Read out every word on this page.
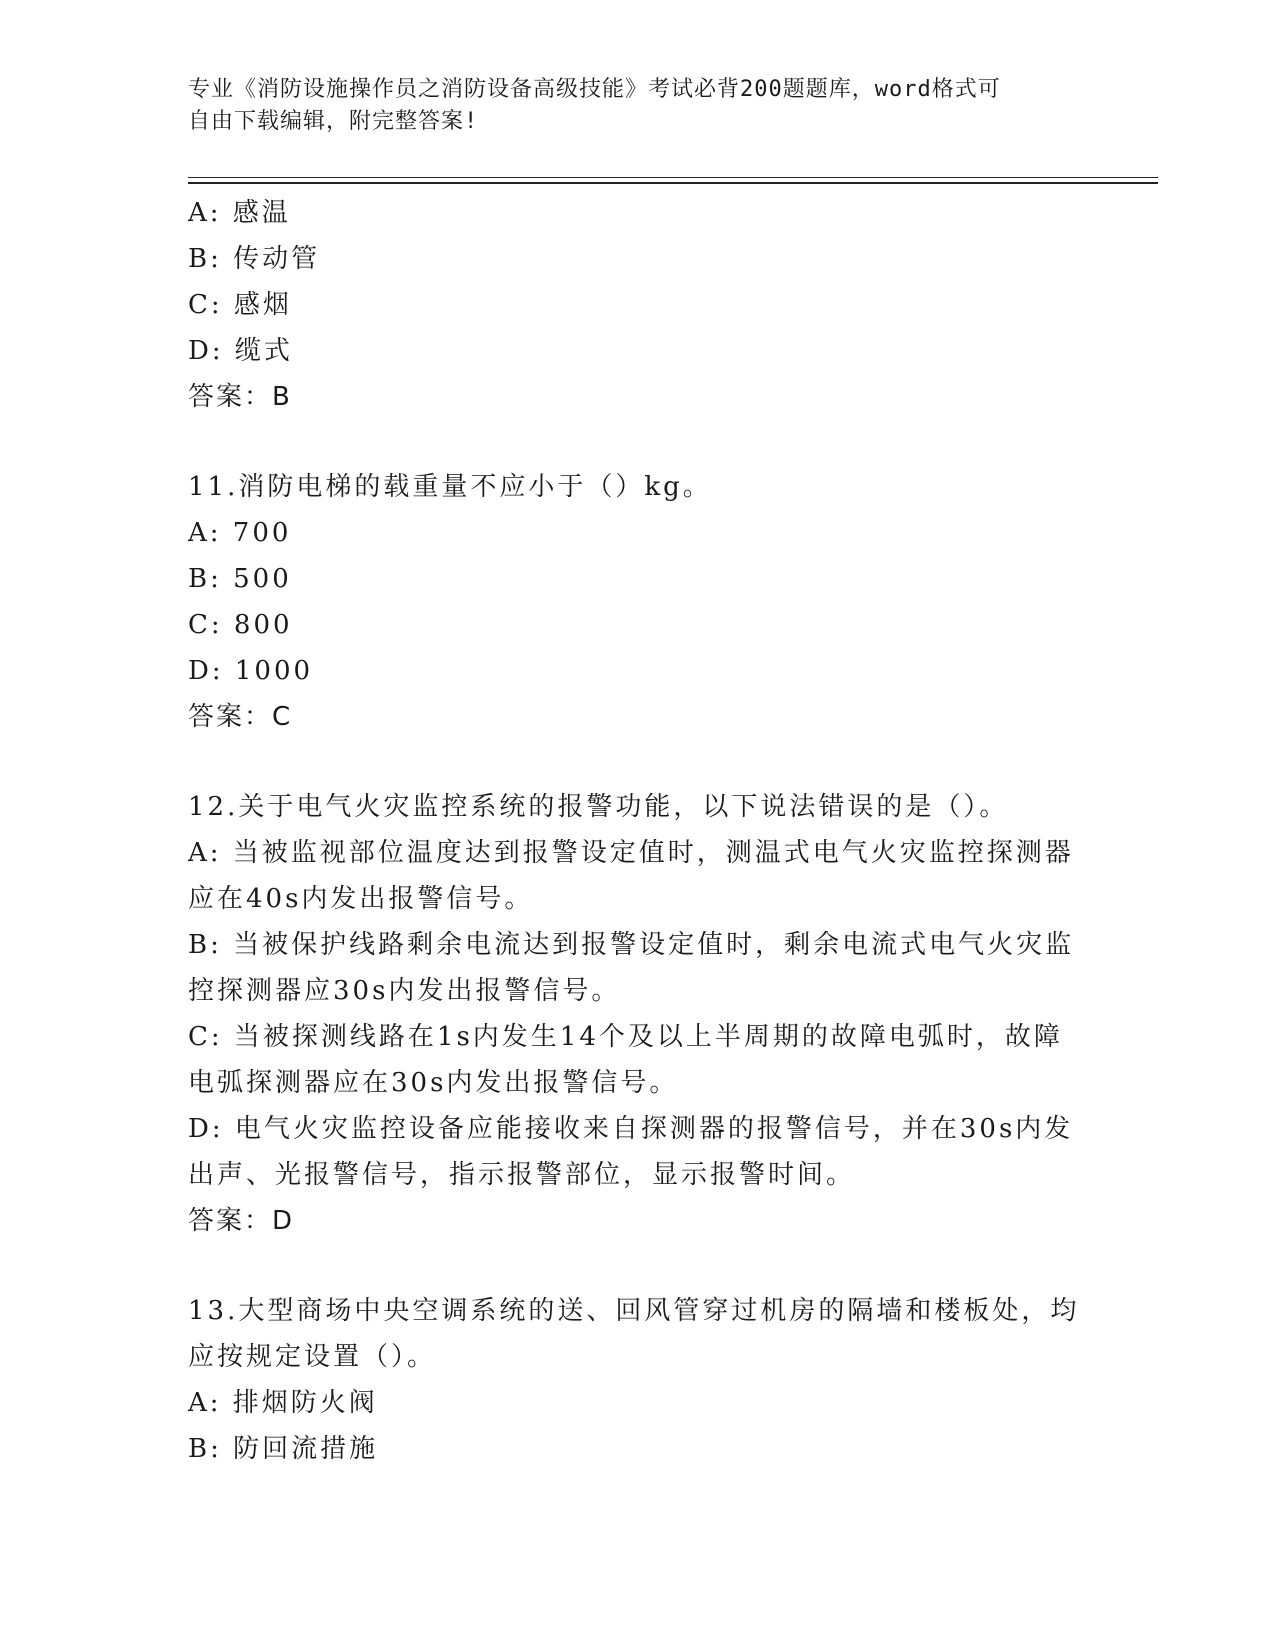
专业《消防设施操作员之消防设备高级技能》考试必背200题题库，word格式可
自由下载编辑，附完整答案!
A: 感温
B: 传动管
C: 感烟
D: 缆式
答案：B
11.消防电梯的载重量不应小于（）kg。
A: 700
B: 500
C: 800
D: 1000
答案：C
12.关于电气火灾监控系统的报警功能，以下说法错误的是（）。
A: 当被监视部位温度达到报警设定值时，测温式电气火灾监控探测器
应在40s内发出报警信号。
B: 当被保护线路剩余电流达到报警设定值时，剩余电流式电气火灾监
控探测器应30s内发出报警信号。
C: 当被探测线路在1s内发生14个及以上半周期的故障电弧时，故障
电弧探测器应在30s内发出报警信号。
D: 电气火灾监控设备应能接收来自探测器的报警信号，并在30s内发
出声、光报警信号，指示报警部位，显示报警时间。
答案：D
13.大型商场中央空调系统的送、回风管穿过机房的隔墙和楼板处，均
应按规定设置（）。
A: 排烟防火阀
B: 防回流措施
